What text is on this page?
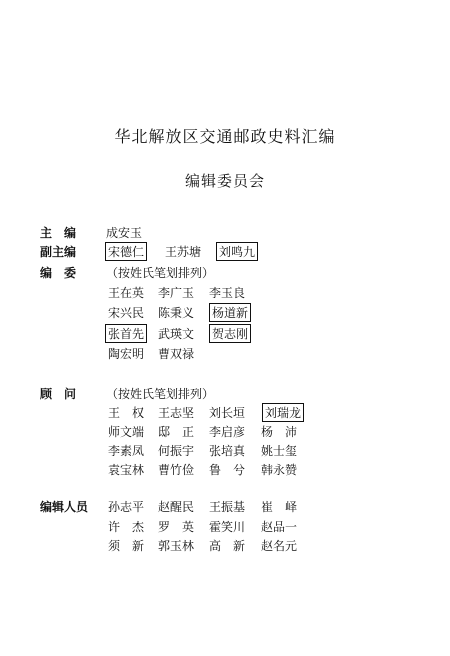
华北解放区交通邮政史料汇编
编辑委员会
主　编	成安玉
副主编	宋德仁 王苏塘 刘鸣九
编　委	（按姓氏笔划排列）
王在英 李广玉 李玉良
宋兴民 陈秉义 杨道新
张首先 武瑛文 贺志刚
陶宏明 曹双禄
顾　问	（按姓氏笔划排列）
王　权 王志坚 刘长垣 刘瑞龙
师文端 邸　正 李启彦 杨　沛
李素凤 何振宇 张培真 姚士玺
袁宝林 曹竹俭 鲁　兮 韩永赞
编辑人员	孙志平 赵醒民 王振基 崔　峄
许　杰 罗　英 霍笑川 赵品一
须　新 郭玉林 高　新 赵名元
